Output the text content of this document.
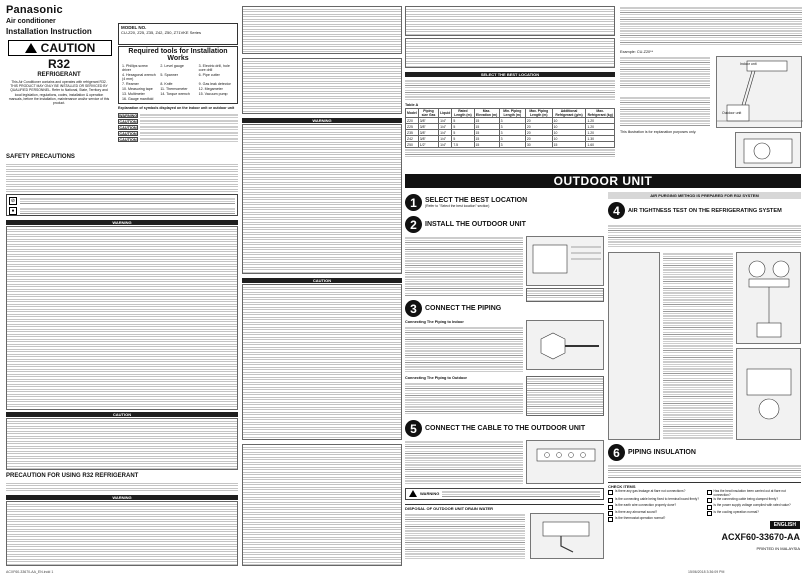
Panasonic
Air conditioner
Installation Instruction	MODEL NO.
CU-Z20, Z25, Z35, Z42, Z50, Z71VKE Series
Required tools for Installation Works
1. Phillips screw driver
2. Level gauge	3. Electric drill, hole core drill
4. Hexagonal wrench (4 mm)
5. Spanner	6. Pipe cutter
7. Reamer	8. Knife	9. Gas leak detector
10. Measuring tape	11. Thermometer	12. Megameter
13. Multimeter	14. Torque wrench	15. Vacuum pump
16. Gauge manifold
CAUTION
R32
REFRIGERANT
This Air Conditioner contains and operates with refrigerant R32. THIS PRODUCT MAY ONLY BE INSTALLED OR SERVICED BY QUALIFIED PERSONNEL. Refer to National, State, Territory and local legislation, regulations, codes, installation & operation manuals, before the installation, maintenance and/or service of this product.
Explanation of symbols displayed on the indoor unit or outdoor unit
WARNING
CAUTION
CAUTION
CAUTION
CAUTION
SAFETY PRECAUTIONS
⊘
●
WARNING
CAUTION
PRECAUTION FOR USING R32 REFRIGERANT
WARNING
WARNING
CAUTION
SELECT THE BEST LOCATION
Table A
Model	Piping size Gas	Liquid	Rated Length (m)	Max. Elevation (m)	Min. Piping Length (m)	Max. Piping Length (m)	Additional Refrigerant (g/m)	Max. Refrigerant (kg)
Z20	3/8"	1/4"	5	15	3	20	10	1.20
Z25	3/8"	1/4"	5	15	3	20	10	1.20
Z35	3/8"	1/4"	5	15	3	20	10	1.20
Z42	3/8"	1/4"	5	15	3	20	10	1.30
Z50	1/2"	1/4"	7.5	15	3	30	15	1.60
Example: CU-Z20**
Indoor unit
Outdoor unit
This illustration is for explanation purposes only.
OUTDOOR UNIT
1	SELECT THE BEST LOCATION
(Refer to "Select the best location" section)
2	INSTALL THE OUTDOOR UNIT
3	CONNECT THE PIPING
Connecting The Piping to Indoor
Connecting The Piping to Outdoor
5	CONNECT THE CABLE TO THE OUTDOOR UNIT
WARNING
DISPOSAL OF OUTDOOR UNIT DRAIN WATER
AIR PURGING METHOD IS PREPARED FOR R32 SYSTEM
4	AIR TIGHTNESS TEST ON THE REFRIGERATING SYSTEM
6	PIPING INSULATION
CHECK ITEMS
Is there any gas leakage at flare nut connections?	Has the heat insulation been carried out at flare nut connection?
Is the connecting cable being fixed to terminal board firmly?	Is the connecting cable being clamped firmly?
Is the earth wire connection properly done?	Is the power supply voltage complied with rated value?
Is there any abnormal sound?	Is the cooling operation normal?
Is the thermostat operation normal?
ENGLISH
ACXF60-33670-AA
PRINTED IN MALAYSIA
ACXF60-33670-AA_EN.indd 1	15/06/2018 3:36:09 PM
